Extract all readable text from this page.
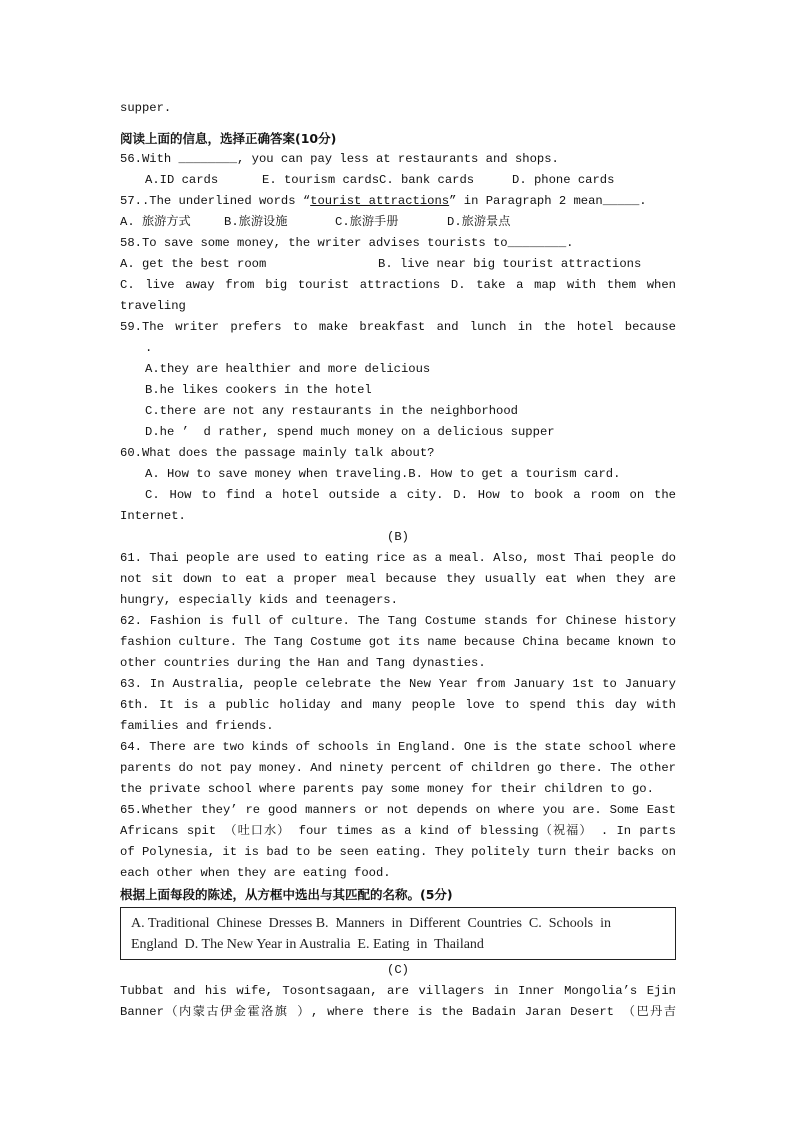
supper.
阅读上面的信息，选择正确答案(10分)
56.With ________, you can pay less at restaurants and shops.
A.ID cards	E. tourism cardsC. bank cards	D. phone cards
57..The underlined words “tourist attractions” in Paragraph 2 mean_____.
A. 旅游方式	B.旅游设施	C.旅游手册	D.旅游景点
58.To save some money, the writer advises tourists to________.
A. get the best room	B. live near big tourist attractions
C. live away from big tourist attractions D. take a map with them when
traveling
59.The writer prefers to make breakfast and lunch in the hotel because
.
A.they are healthier and more delicious
B.he likes cookers in the hotel
C.there are not any restaurants in the neighborhood
D.he ’  d rather, spend much money on a delicious supper
60.What does the passage mainly talk about?
A. How to save money when traveling.B. How to get a tourism card.
C. How to find a hotel outside a city. D. How to book a room on the
Internet.
(B)
61. Thai people are used to eating rice as a meal. Also, most Thai people do
not sit down to eat a proper meal because they usually eat when they are
hungry, especially kids and teenagers.
62. Fashion is full of culture. The Tang Costume stands for Chinese history
fashion culture. The Tang Costume got its name because China became known to
other countries during the Han and Tang dynasties.
63. In Australia, people celebrate the New Year from January 1st to January
6th. It is a public holiday and many people love to spend this day with
families and friends.
64. There are two kinds of schools in England. One is the state school where
parents do not pay money. And ninety percent of children go there. The other
the private school where parents pay some money for their children to go.
65.Whether they’ re good manners or not depends on where you are. Some East
Africans spit （吐口水） four times as a kind of blessing（祝福） . In parts
of Polynesia, it is bad to be seen eating. They politely turn their backs on
each other when they are eating food.
根据上面每段的陈述，从方框中选出与其匹配的名称。(5分)
A. Traditional  Chinese  Dresses B.  Manners  in  Different  Countries  C.  Schools  in
England  D. The New Year in Australia  E. Eating  in  Thailand
(C)
Tubbat and his wife, Tosontsagaan, are villagers in Inner Mongolia’s Ejin
Banner（内蒙古伊金霍洛旗 ）, where there is the Badain Jaran Desert （巴丹吉
